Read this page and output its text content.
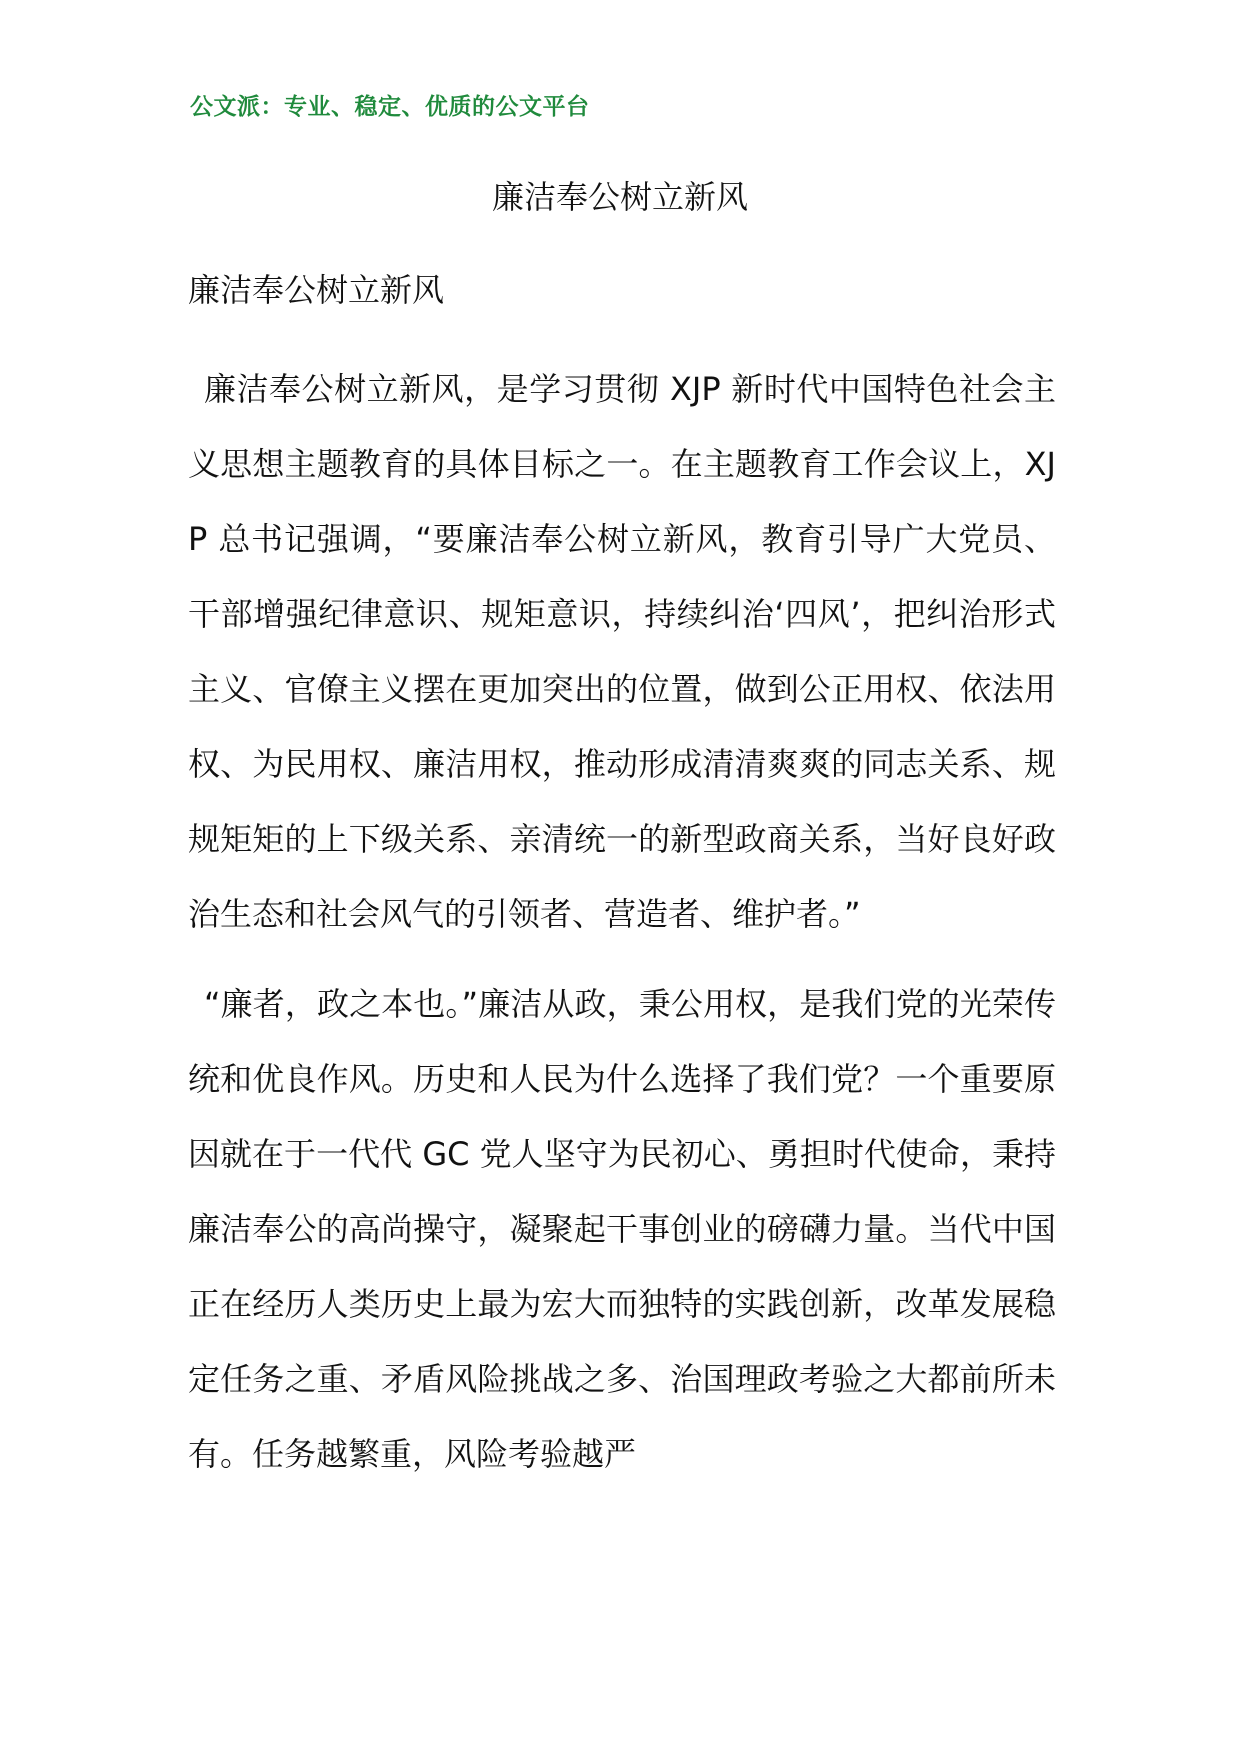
公文派：专业、稳定、优质的公文平台
廉洁奉公树立新风
廉洁奉公树立新风

廉洁奉公树立新风，是学习贯彻 XJP 新时代中国特色社会主义思想主题教育的具体目标之一。在主题教育工作会议上，XJP 总书记强调，“要廉洁奉公树立新风，教育引导广大党员、干部增强纪律意识、规矩意识，持续纠治‘四风’，把纠治形式主义、官僚主义摆在更加突出的位置，做到公正用权、依法用权、为民用权、廉洁用权，推动形成清清爽爽的同志关系、规规矩矩的上下级关系、亲清统一的新型政商关系，当好良好政治生态和社会风气的引领者、营造者、维护者。”

“廉者，政之本也。”廉洁从政，秉公用权，是我们党的光荣传统和优良作风。历史和人民为什么选择了我们党？一个重要原因就在于一代代 GC 党人坚守为民初心、勇担时代使命，秉持廉洁奉公的高尚操守，凝聚起干事创业的磅礴力量。当代中国正在经历人类历史上最为宏大而独特的实践创新，改革发展稳定任务之重、矛盾风险挑战之多、治国理政考验之大都前所未有。任务越繁重，风险考验越严
